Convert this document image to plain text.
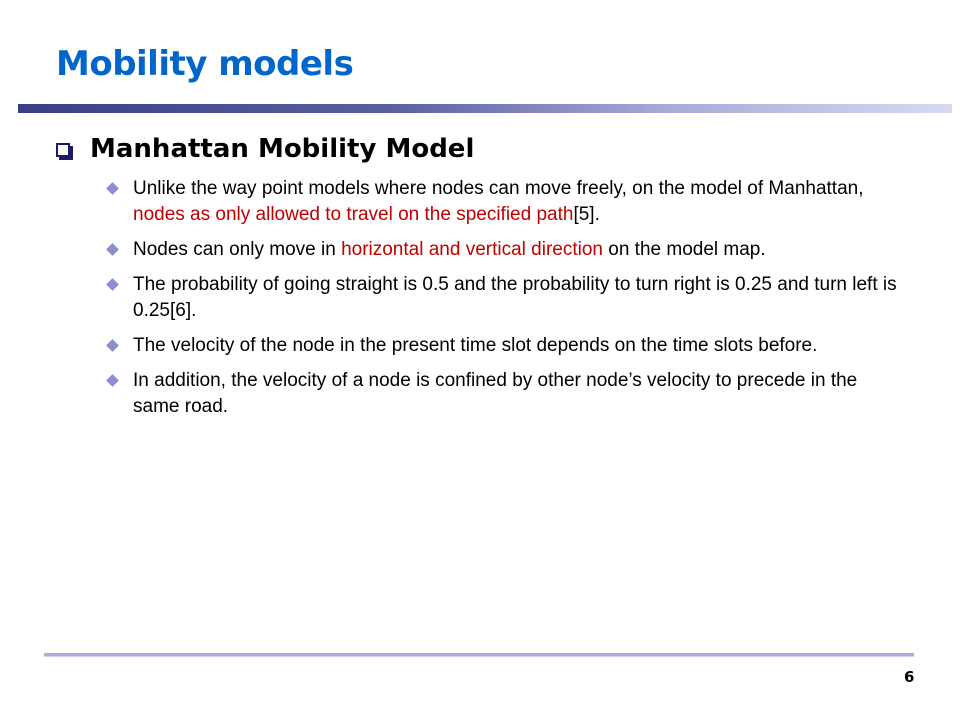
Mobility models
Manhattan Mobility Model
Unlike the way point models where nodes can move freely, on the model of Manhattan, nodes as only allowed to travel on the specified path[5].
Nodes can only move in horizontal and vertical direction on the model map.
The probability of going straight is 0.5 and the probability to turn right is 0.25 and turn left is 0.25[6].
The velocity of the node in the present time slot depends on the time slots before.
In addition, the velocity of a node is confined by other node’s velocity to precede in the same road.
6
